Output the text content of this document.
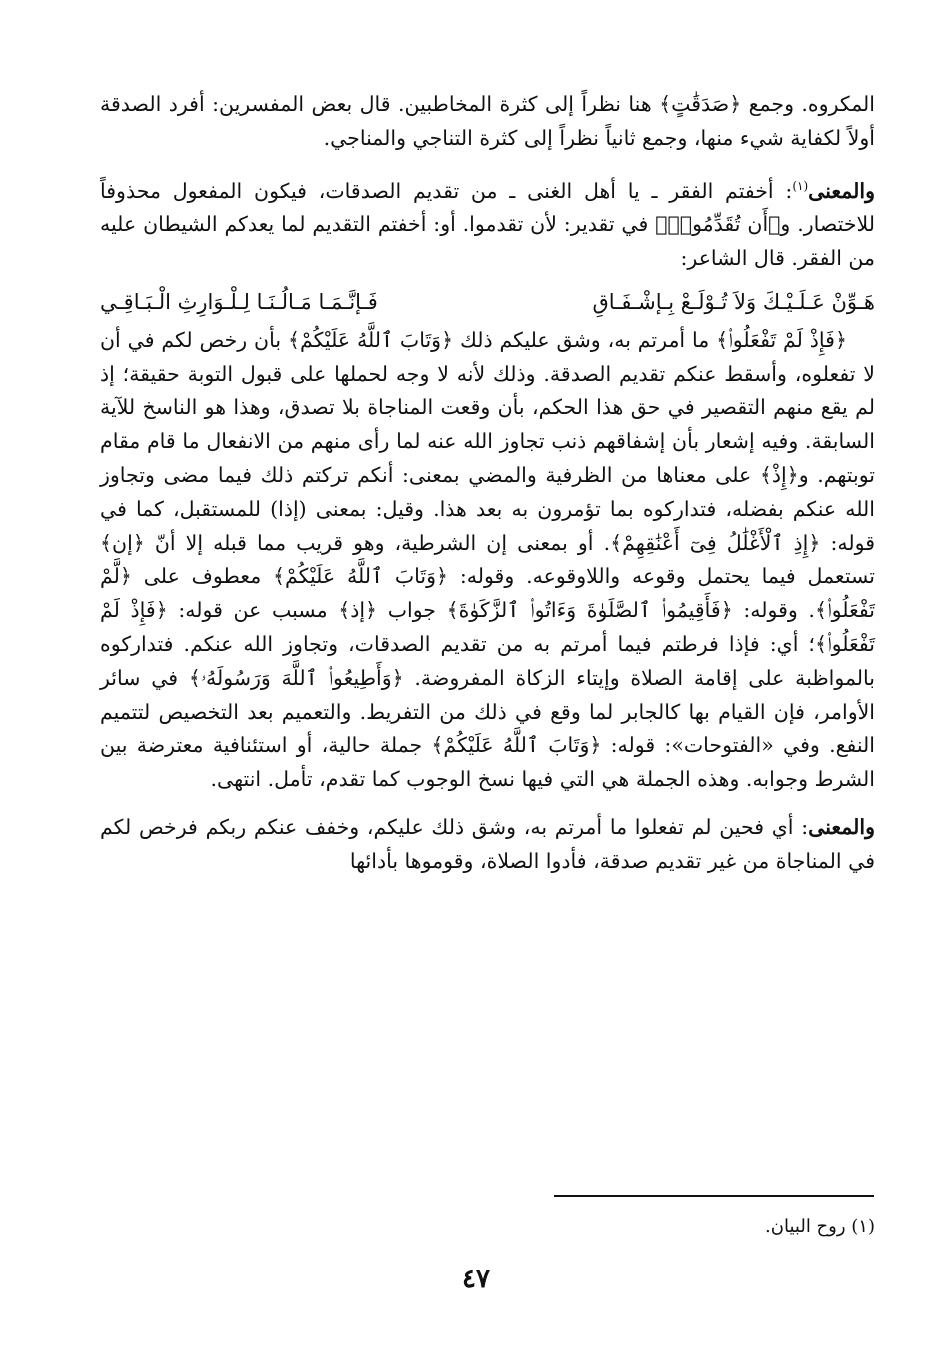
المكروه. وجمع ﴿صَدَقَٰتٍ﴾ هنا نظراً إلى كثرة المخاطبين. قال بعض المفسرين: أفرد الصدقة أولاً لكفاية شيء منها، وجمع ثانياً نظراً إلى كثرة التناجي والمناجي.

والمعنى$^{(١)}$: أخفتم الفقر ـ يا أهل الغنى ـ من تقديم الصدقات، فيكون المفعول محذوفاً للاختصار. و﴿أَن تُقَدِّمُوا۟﴾ في تقدير: لأن تقدموا. أو: أخفتم التقديم لما يعدكم الشيطان عليه من الفقر. قال الشاعر:

هَـوِّنْ عَـلَـيْـكَ وَلاَ تُـوْلَـعْ بِـإشْـفَـاقِ
فَـإنَّـمَـا مَـالُـنَـا لِـلْـوَارِثِ الْـبَـاقِـي

﴿فَإِذْ لَمْ تَفْعَلُوا۟﴾ ما أمرتم به، وشق عليكم ذلك ﴿وَتَابَ ٱللَّهُ عَلَيْكُمْ﴾ بأن رخص لكم في أن لا تفعلوه، وأسقط عنكم تقديم الصدقة. وذلك لأنه لا وجه لحملها على قبول التوبة حقيقة؛ إذ لم يقع منهم التقصير في حق هذا الحكم، بأن وقعت المناجاة بلا تصدق، وهذا هو الناسخ للآية السابقة. وفيه إشعار بأن إشفاقهم ذنب تجاوز الله عنه لما رأى منهم من الانفعال ما قام مقام توبتهم. و﴿إِذْ﴾ على معناها من الظرفية والمضي بمعنى: أنكم تركتم ذلك فيما مضى وتجاوز الله عنكم بفضله، فتداركوه بما تؤمرون به بعد هذا. وقيل: بمعنى (إذا) للمستقبل، كما في قوله: ﴿إِذِ ٱلْأَغْلَٰلُ فِىٓ أَعْنَٰقِهِمْ﴾. أو بمعنى إن الشرطية، وهو قريب مما قبله إلا أنّ ﴿إن﴾ تستعمل فيما يحتمل وقوعه واللاوقوعه. وقوله: ﴿وَتَابَ ٱللَّهُ عَلَيْكُمْ﴾ معطوف على ﴿لَّمْ تَفْعَلُوا۟﴾. وقوله: ﴿فَأَقِيمُوا۟ ٱلصَّلَوٰةَ وَءَاتُوا۟ ٱلزَّكَوٰةَ﴾ جواب ﴿إذ﴾ مسبب عن قوله: ﴿فَإِذْ لَمْ تَفْعَلُوا۟﴾؛ أي: فإذا فرطتم فيما أمرتم به من تقديم الصدقات، وتجاوز الله عنكم. فتداركوه بالمواظبة على إقامة الصلاة وإيتاء الزكاة المفروضة. ﴿وَأَطِيعُوا۟ ٱللَّهَ وَرَسُولَهُۥ﴾ في سائر الأوامر، فإن القيام بها كالجابر لما وقع في ذلك من التفريط. والتعميم بعد التخصيص لتتميم النفع. وفي «الفتوحات»: قوله: ﴿وَتَابَ ٱللَّهُ عَلَيْكُمْ﴾ جملة حالية، أو استئنافية معترضة بين الشرط وجوابه. وهذه الجملة هي التي فيها نسخ الوجوب كما تقدم، تأمل. انتهى.

والمعنى: أي فحين لم تفعلوا ما أمرتم به، وشق ذلك عليكم، وخفف عنكم ربكم فرخص لكم في المناجاة من غير تقديم صدقة، فأدوا الصلاة، وقوموها بأدائها

(١) روح البيان.
٤٧
